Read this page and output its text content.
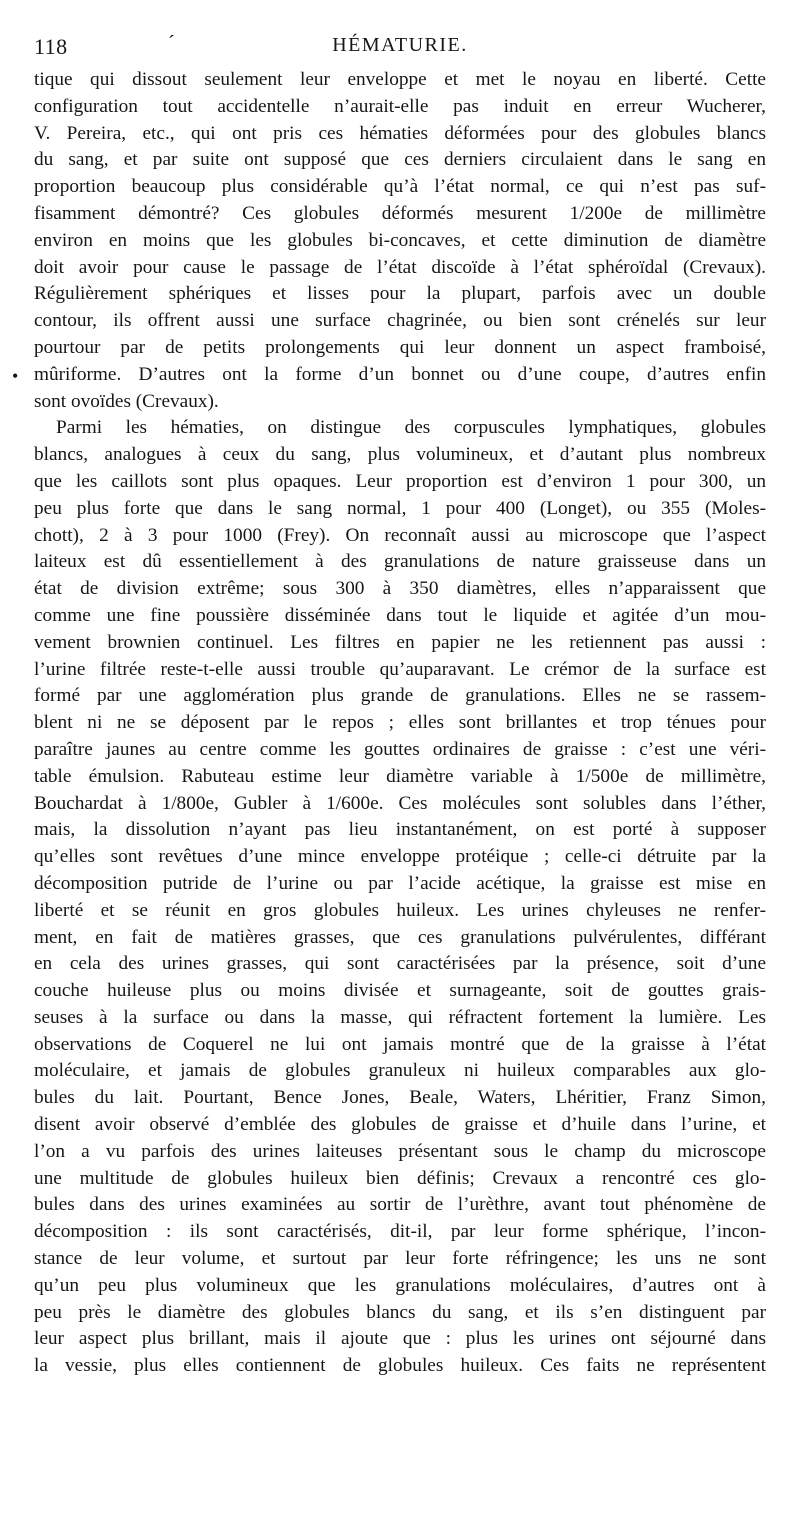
118	´	HÉMATURIE.
•
tique qui dissout seulement leur enveloppe et met le noyau en liberté. Cette
configuration tout accidentelle n’aurait-elle pas induit en erreur Wucherer,
V. Pereira, etc., qui ont pris ces hématies déformées pour des globules blancs
du sang, et par suite ont supposé que ces derniers circulaient dans le sang en
proportion beaucoup plus considérable qu’à l’état normal, ce qui n’est pas suf-
fisamment démontré? Ces globules déformés mesurent 1/200e de millimètre
environ en moins que les globules bi-concaves, et cette diminution de diamètre
doit avoir pour cause le passage de l’état discoïde à l’état sphéroïdal (Crevaux).
Régulièrement sphériques et lisses pour la plupart, parfois avec un double
contour, ils offrent aussi une surface chagrinée, ou bien sont crénelés sur leur
pourtour par de petits prolongements qui leur donnent un aspect framboisé,
mûriforme. D’autres ont la forme d’un bonnet ou d’une coupe, d’autres enfin
sont ovoïdes (Crevaux).
Parmi les hématies, on distingue des corpuscules lymphatiques, globules
blancs, analogues à ceux du sang, plus volumineux, et d’autant plus nombreux
que les caillots sont plus opaques. Leur proportion est d’environ 1 pour 300, un
peu plus forte que dans le sang normal, 1 pour 400 (Longet), ou 355 (Moles-
chott), 2 à 3 pour 1000 (Frey). On reconnaît aussi au microscope que l’aspect
laiteux est dû essentiellement à des granulations de nature graisseuse dans un
état de division extrême; sous 300 à 350 diamètres, elles n’apparaissent que
comme une fine poussière disséminée dans tout le liquide et agitée d’un mou-
vement brownien continuel. Les filtres en papier ne les retiennent pas aussi :
l’urine filtrée reste-t-elle aussi trouble qu’auparavant. Le crémor de la surface est
formé par une agglomération plus grande de granulations. Elles ne se rassem-
blent ni ne se déposent par le repos ; elles sont brillantes et trop ténues pour
paraître jaunes au centre comme les gouttes ordinaires de graisse : c’est une véri-
table émulsion. Rabuteau estime leur diamètre variable à 1/500e de millimètre,
Bouchardat à 1/800e, Gubler à 1/600e. Ces molécules sont solubles dans l’éther,
mais, la dissolution n’ayant pas lieu instantanément, on est porté à supposer
qu’elles sont revêtues d’une mince enveloppe protéique ; celle-ci détruite par la
décomposition putride de l’urine ou par l’acide acétique, la graisse est mise en
liberté et se réunit en gros globules huileux. Les urines chyleuses ne renfer-
ment, en fait de matières grasses, que ces granulations pulvérulentes, différant
en cela des urines grasses, qui sont caractérisées par la présence, soit d’une
couche huileuse plus ou moins divisée et surnageante, soit de gouttes grais-
seuses à la surface ou dans la masse, qui réfractent fortement la lumière. Les
observations de Coquerel ne lui ont jamais montré que de la graisse à l’état
moléculaire, et jamais de globules granuleux ni huileux comparables aux glo-
bules du lait. Pourtant, Bence Jones, Beale, Waters, Lhéritier, Franz Simon,
disent avoir observé d’emblée des globules de graisse et d’huile dans l’urine, et
l’on a vu parfois des urines laiteuses présentant sous le champ du microscope
une multitude de globules huileux bien définis; Crevaux a rencontré ces glo-
bules dans des urines examinées au sortir de l’urèthre, avant tout phénomène de
décomposition : ils sont caractérisés, dit-il, par leur forme sphérique, l’incon-
stance de leur volume, et surtout par leur forte réfringence; les uns ne sont
qu’un peu plus volumineux que les granulations moléculaires, d’autres ont à
peu près le diamètre des globules blancs du sang, et ils s’en distinguent par
leur aspect plus brillant, mais il ajoute que : plus les urines ont séjourné dans
la vessie, plus elles contiennent de globules huileux. Ces faits ne représentent
